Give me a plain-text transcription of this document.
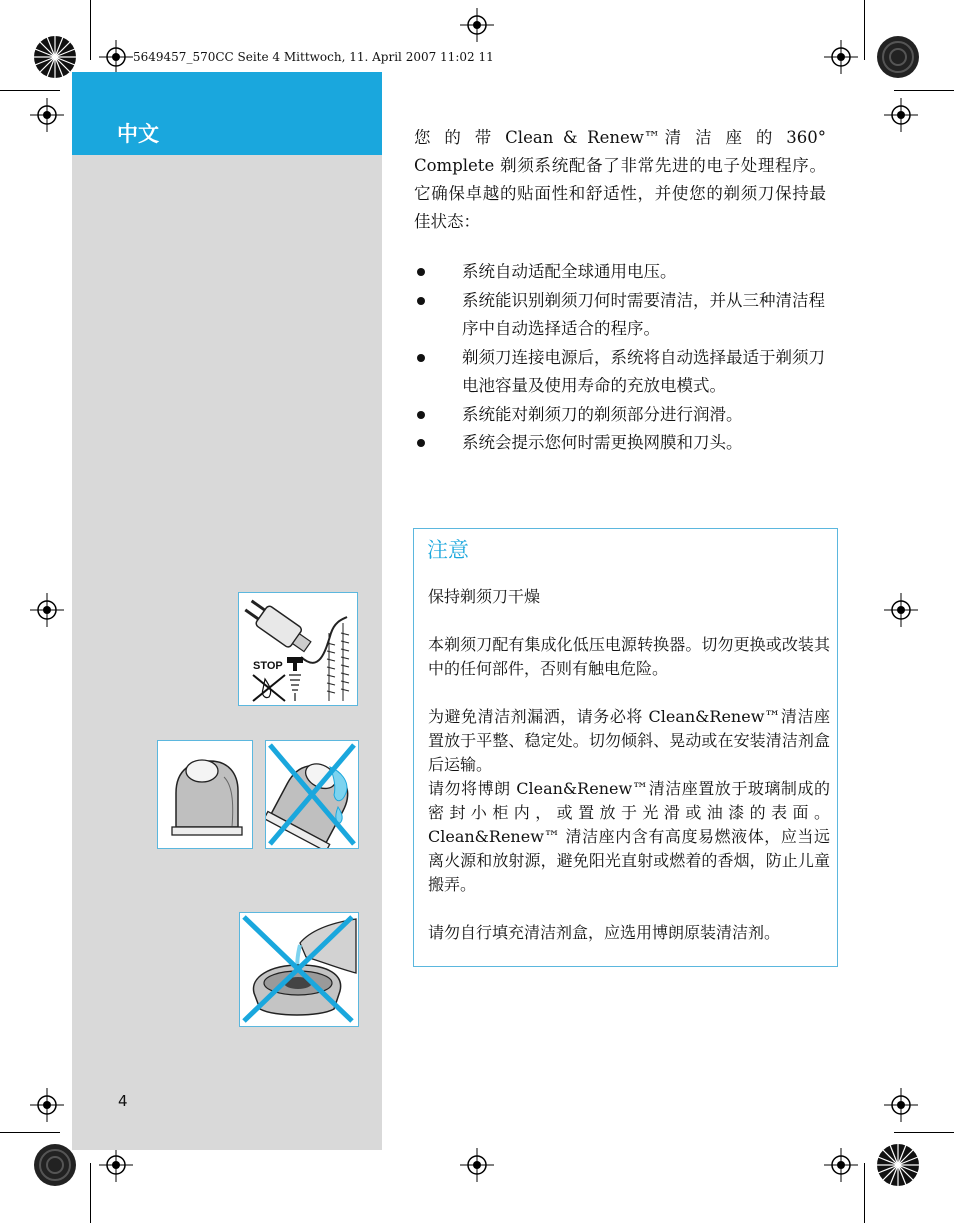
5649457_570CC Seite 4 Mittwoch, 11. April 2007 11:02 11
中文
4
STOP
您 的 带 Clean & Renew™清 洁 座 的 360° Complete 剃须系统配备了非常先进的电子处理程序。它确保卓越的贴面性和舒适性，并使您的剃须刀保持最佳状态：
系统自动适配全球通用电压。
系统能识别剃须刀何时需要清洁，并从三种清洁程序中自动选择适合的程序。
剃须刀连接电源后，系统将自动选择最适于剃须刀电池容量及使用寿命的充放电模式。
系统能对剃须刀的剃须部分进行润滑。
系统会提示您何时需更换网膜和刀头。
注意

保持剃须刀干燥

本剃须刀配有集成化低压电源转换器。切勿更换或改装其中的任何部件，否则有触电危险。

为避免清洁剂漏洒，请务必将 Clean&Renew™清洁座置放于平整、稳定处。切勿倾斜、晃动或在安装清洁剂盒后运输。

请勿将博朗 Clean&Renew™清洁座置放于玻璃制成的密封小柜内，或置放于光滑或油漆的表面。Clean&Renew™ 清洁座内含有高度易燃液体，应当远离火源和放射源，避免阳光直射或燃着的香烟，防止儿童搬弄。

请勿自行填充清洁剂盒，应选用博朗原装清洁剂。
